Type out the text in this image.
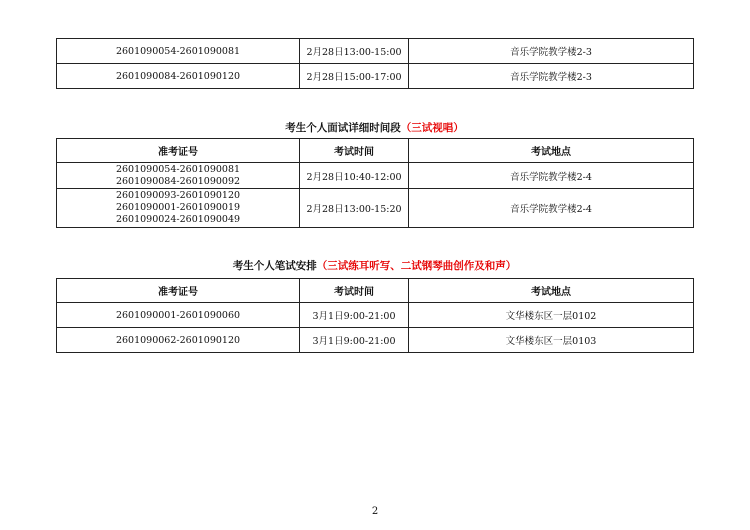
2601090054-2601090081	2月28日13:00-15:00	音乐学院教学楼2-3
2601090084-2601090120	2月28日15:00-17:00	音乐学院教学楼2-3
考生个人面试详细时间段（三试视唱）
准考证号	考试时间	考试地点

2601090054-2601090081
2601090084-2601090092	2月28日10:40-12:00	音乐学院教学楼2-4

2601090093-2601090120
2601090001-2601090019
2601090024-2601090049	2月28日13:00-15:20	音乐学院教学楼2-4
考生个人笔试安排（三试练耳听写、二试钢琴曲创作及和声）
准考证号	考试时间	考试地点
2601090001-2601090060	3月1日9:00-21:00	文华楼东区一层0102
2601090062-2601090120	3月1日9:00-21:00	文华楼东区一层0103
2
